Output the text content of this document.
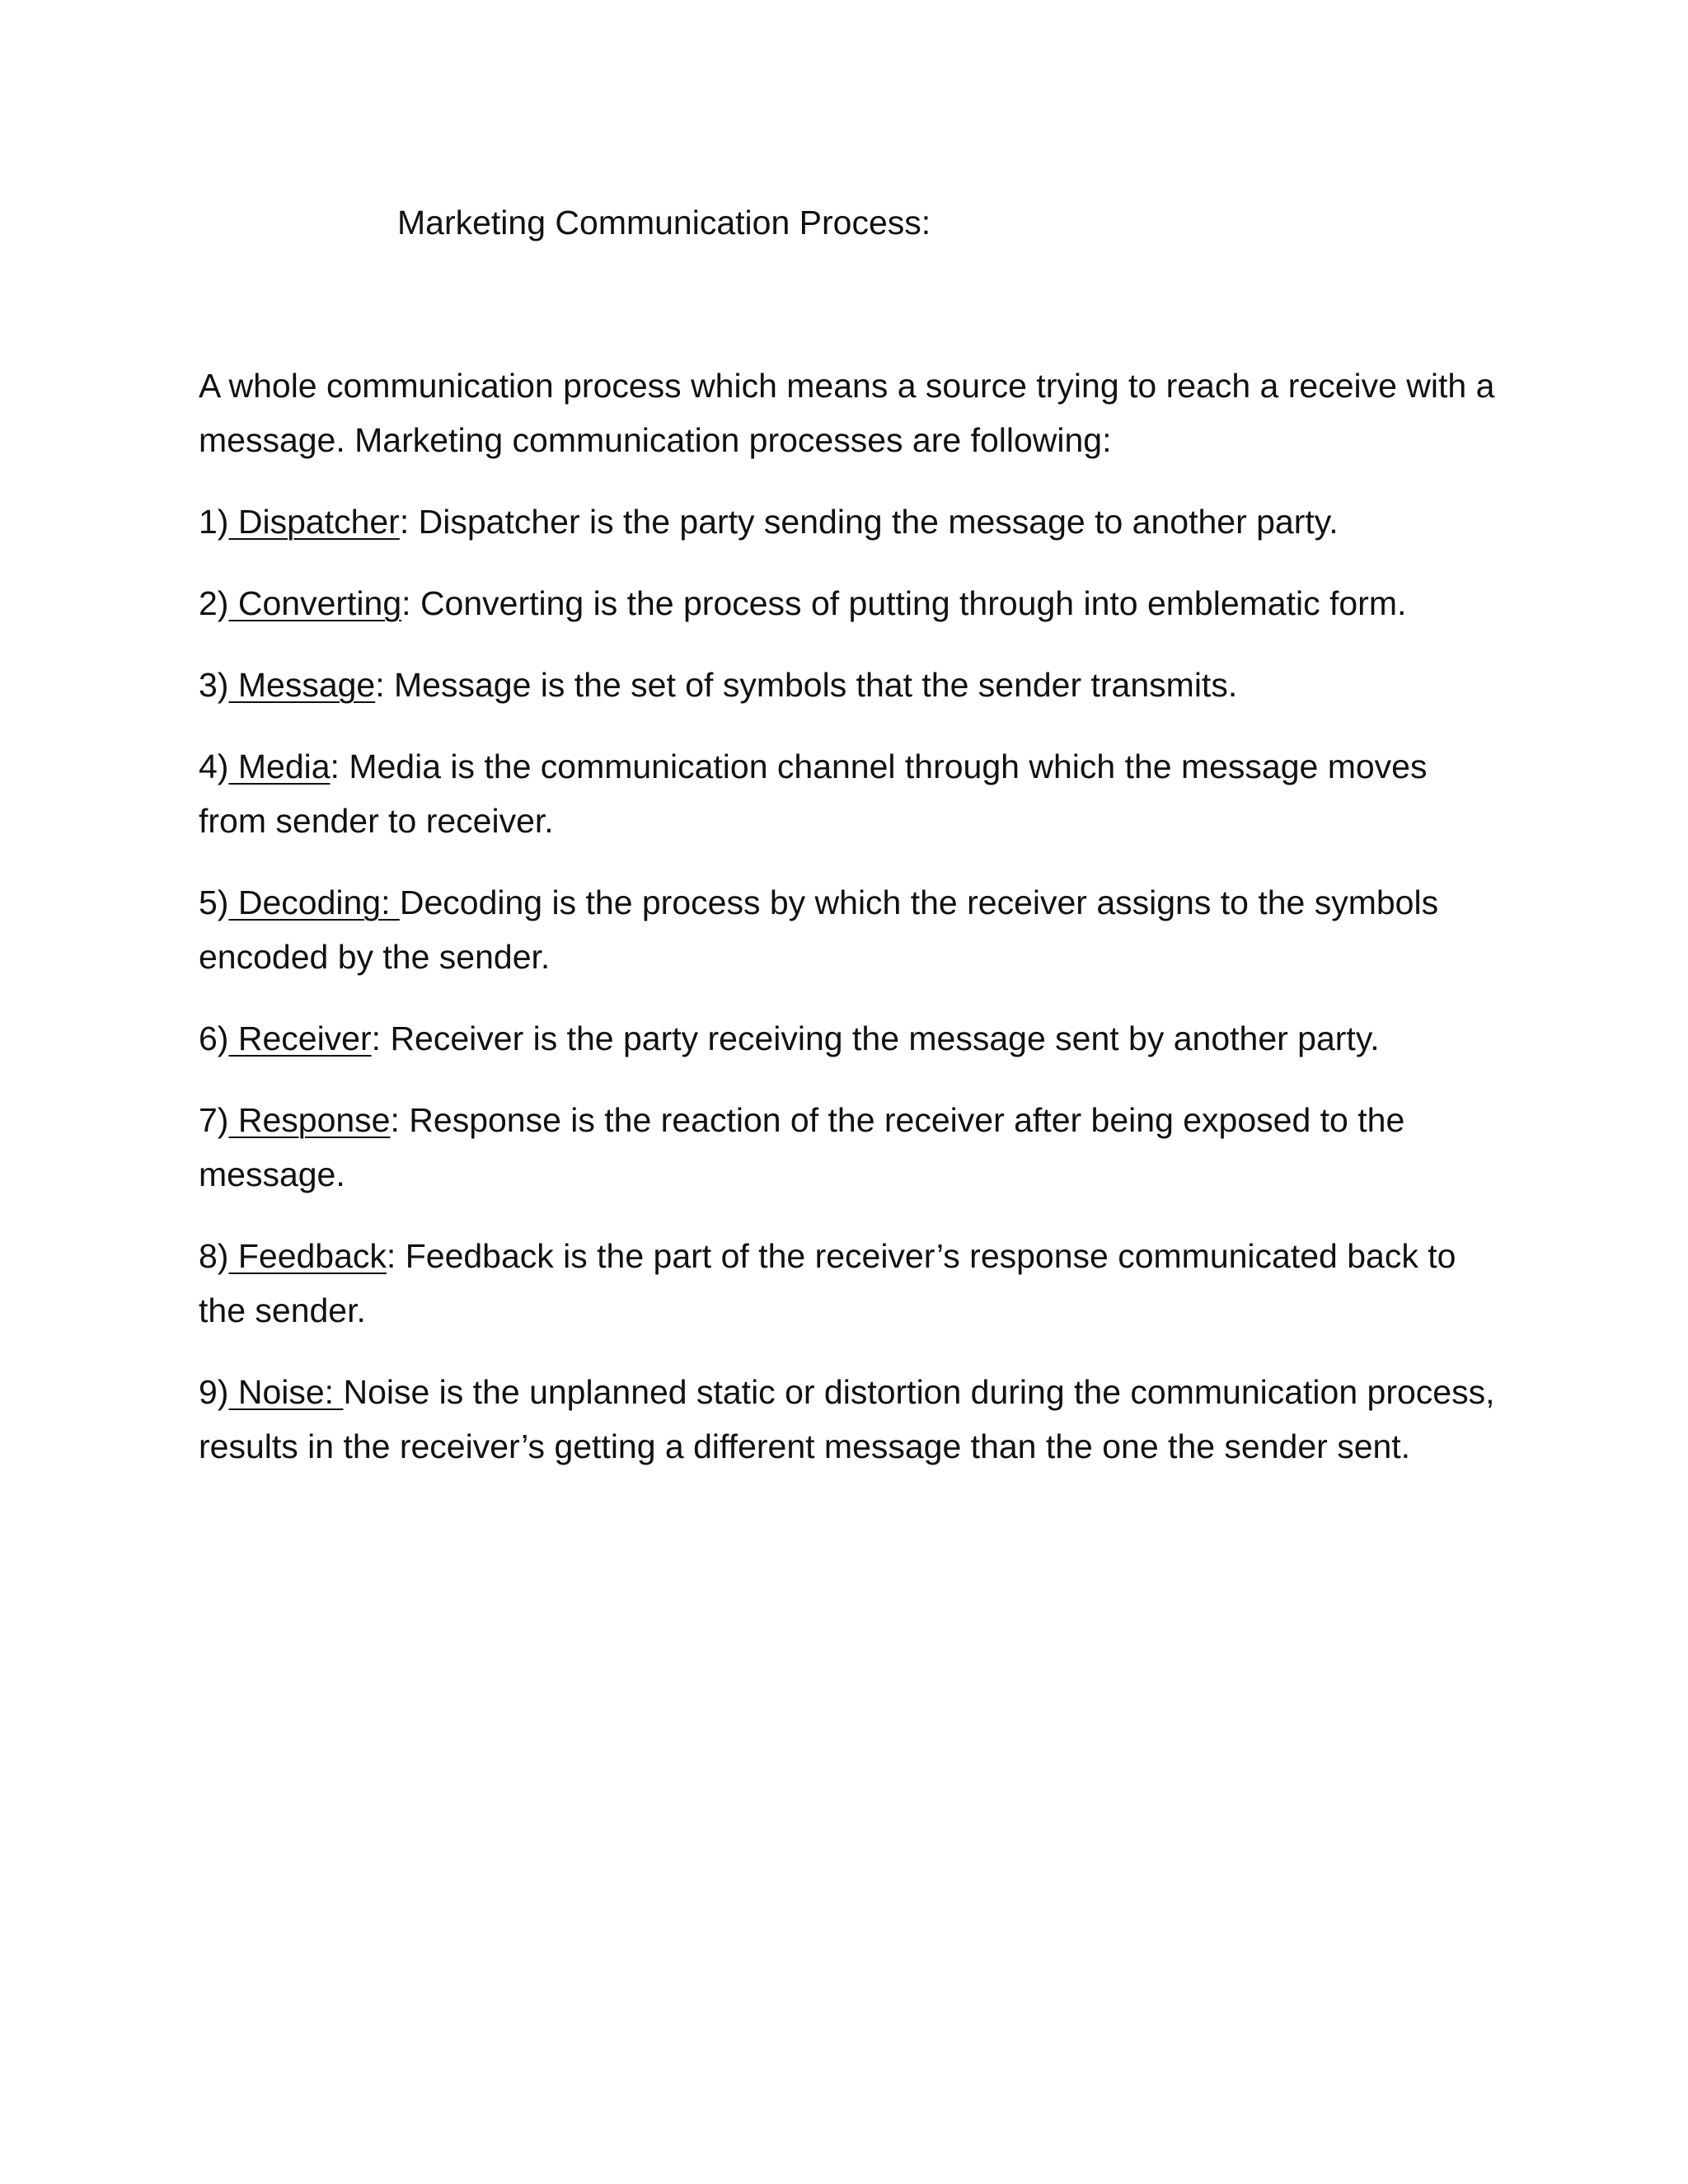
Marketing Communication Process:

A whole communication process which means a source trying to reach a receive with a message. Marketing communication processes are following:

1) Dispatcher: Dispatcher is the party sending the message to another party.

2) Converting: Converting is the process of putting through into emblematic form.

3) Message: Message is the set of symbols that the sender transmits.

4) Media: Media is the communication channel through which the message moves from sender to receiver.

5) Decoding: Decoding is the process by which the receiver assigns to the symbols encoded by the sender.

6) Receiver: Receiver is the party receiving the message sent by another party.

7) Response: Response is the reaction of the receiver after being exposed to the message.

8) Feedback: Feedback is the part of the receiver’s response communicated back to the sender.

9) Noise: Noise is the unplanned static or distortion during the communication process, results in the receiver’s getting a different message than the one the sender sent.
